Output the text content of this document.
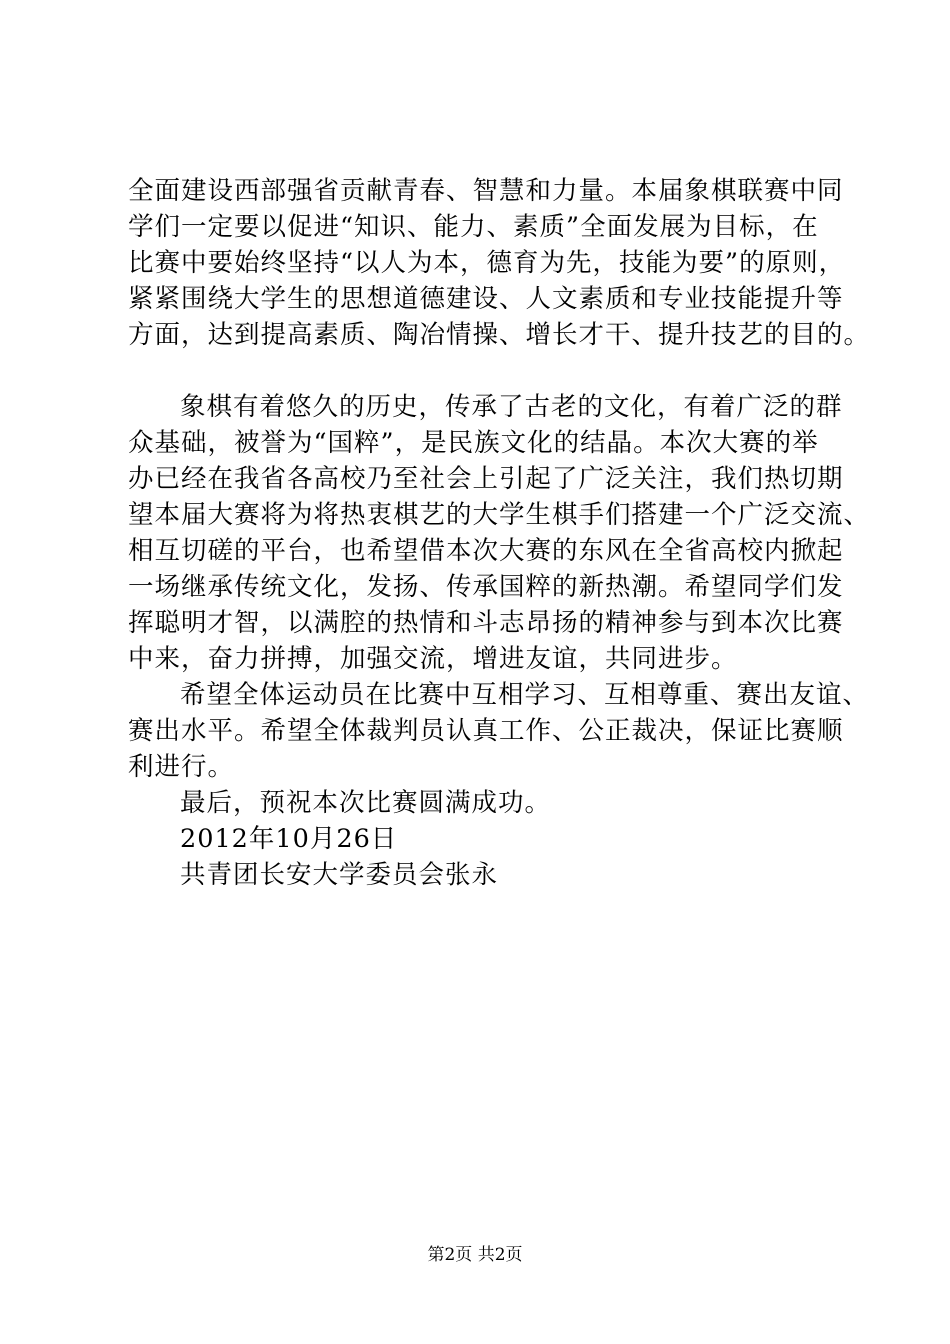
全面建设西部强省贡献青春、智慧和力量。本届象棋联赛中同
学们一定要以促进“知识、能力、素质”全面发展为目标，在
比赛中要始终坚持“以人为本，德育为先，技能为要”的原则，
紧紧围绕大学生的思想道德建设、人文素质和专业技能提升等
方面，达到提高素质、陶冶情操、增长才干、提升技艺的目的。
象棋有着悠久的历史，传承了古老的文化，有着广泛的群
众基础，被誉为“国粹”，是民族文化的结晶。本次大赛的举
办已经在我省各高校乃至社会上引起了广泛关注，我们热切期
望本届大赛将为将热衷棋艺的大学生棋手们搭建一个广泛交流、
相互切磋的平台，也希望借本次大赛的东风在全省高校内掀起
一场继承传统文化，发扬、传承国粹的新热潮。希望同学们发
挥聪明才智，以满腔的热情和斗志昂扬的精神参与到本次比赛
中来，奋力拼搏，加强交流，增进友谊，共同进步。
希望全体运动员在比赛中互相学习、互相尊重、赛出友谊、
赛出水平。希望全体裁判员认真工作、公正裁决，保证比赛顺
利进行。
最后，预祝本次比赛圆满成功。
2012年10月26日
共青团长安大学委员会张永
第2页 共2页
